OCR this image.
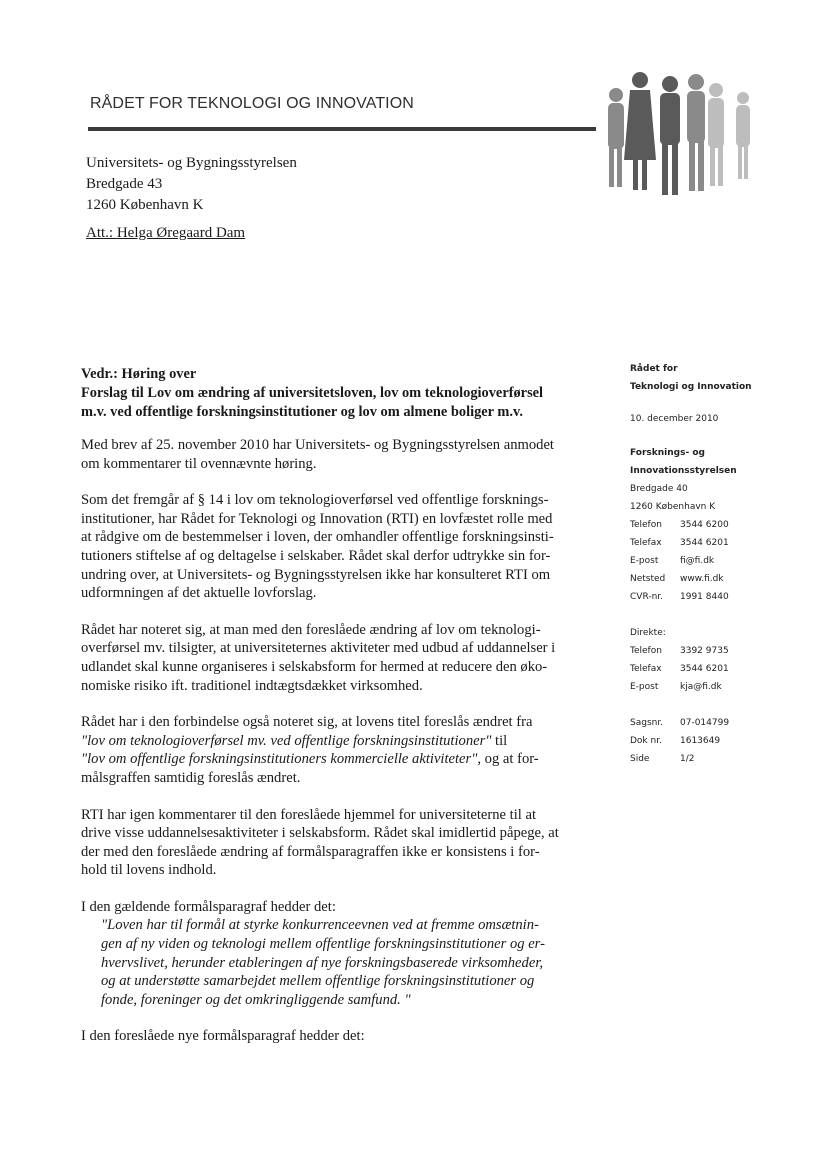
RÅDET FOR TEKNOLOGI OG INNOVATION
Universitets- og Bygningsstyrelsen
Bredgade 43
1260 København K
Att.: Helga Øregaard Dam
Vedr.: Høring over
Forslag til Lov om ændring af universitetsloven, lov om teknologioverførsel
m.v. ved offentlige forskningsinstitutioner og lov om almene boliger m.v.

Med brev af 25. november 2010 har Universitets- og Bygningsstyrelsen anmodet
om kommentarer til ovennævnte høring.

Som det fremgår af § 14 i lov om teknologioverførsel ved offentlige forsknings-
institutioner, har Rådet for Teknologi og Innovation (RTI) en lovfæstet rolle med
at rådgive om de bestemmelser i loven, der omhandler offentlige forskningsinsti-
tutioners stiftelse af og deltagelse i selskaber. Rådet skal derfor udtrykke sin for-
undring over, at Universitets- og Bygningsstyrelsen ikke har konsulteret RTI om
udformningen af det aktuelle lovforslag.

Rådet har noteret sig, at man med den foreslåede ændring af lov om teknologi-
overførsel mv. tilsigter, at universiteternes aktiviteter med udbud af uddannelser i
udlandet skal kunne organiseres i selskabsform for hermed at reducere den øko-
nomiske risiko ift. traditionel indtægtsdækket virksomhed.

Rådet har i den forbindelse også noteret sig, at lovens titel foreslås ændret fra
"lov om teknologioverførsel mv. ved offentlige forskningsinstitutioner" til
"lov om offentlige forskningsinstitutioners kommercielle aktiviteter", og at for-
målsgraffen samtidig foreslås ændret.

RTI har igen kommentarer til den foreslåede hjemmel for universiteterne til at
drive visse uddannelsesaktiviteter i selskabsform. Rådet skal imidlertid påpege, at
der med den foreslåede ændring af formålsparagraffen ikke er konsistens i for-
hold til lovens indhold.

I den gældende formålsparagraf hedder det:
"Loven har til formål at styrke konkurrenceevnen ved at fremme omsætnin-
gen af ny viden og teknologi mellem offentlige forskningsinstitutioner og er-
hvervslivet, herunder etableringen af nye forskningsbaserede virksomheder,
og at understøtte samarbejdet mellem offentlige forskningsinstitutioner og
fonde, foreninger og det omkringliggende samfund. "

I den foreslåede nye formålsparagraf hedder det:

Rådet for
Teknologi og Innovation
10. december 2010
Forsknings- og
Innovationsstyrelsen
Bredgade 40
1260 København K
Telefon	3544 6200
Telefax	3544 6201
E-post	fi@fi.dk
Netsted	www.fi.dk
CVR-nr.	1991 8440
Direkte:
Telefon	3392 9735
Telefax	3544 6201
E-post	kja@fi.dk
Sagsnr.	07-014799
Dok nr.	1613649
Side	1/2
